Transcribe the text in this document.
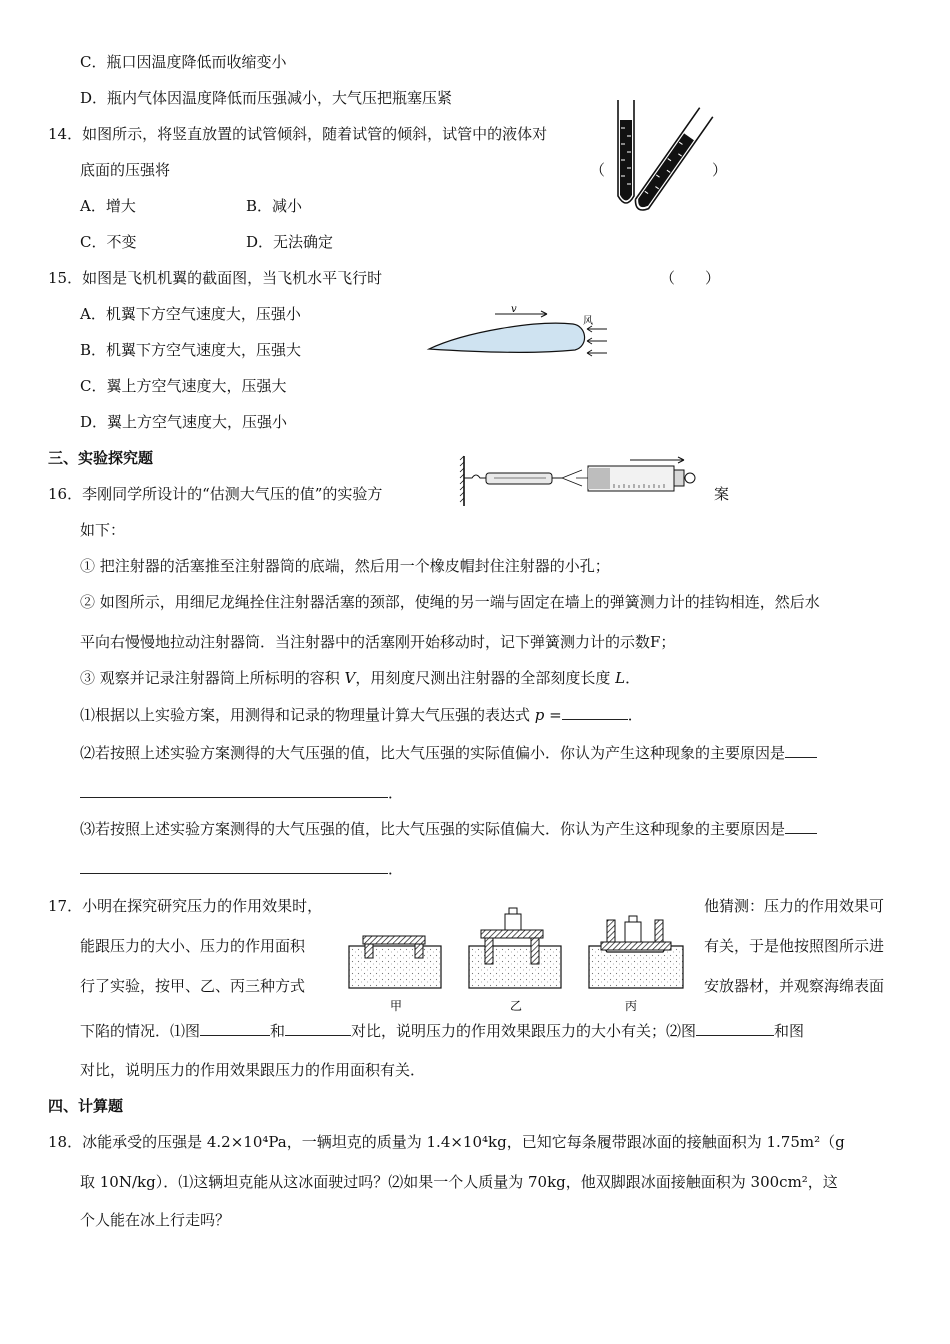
C．瓶口因温度降低而收缩变小
D．瓶内气体因温度降低而压强减小，大气压把瓶塞压紧
14．如图所示，将竖直放置的试管倾斜，随着试管的倾斜，试管中的液体对
底面的压强将	（	）
A．增大	B．减小
C．不变	D．无法确定
15．如图是飞机机翼的截面图，当飞机水平飞行时	（　　）
A．机翼下方空气速度大，压强小
B．机翼下方空气速度大，压强大
C．翼上方空气速度大，压强大
D．翼上方空气速度大，压强小
v
风
三、实验探究题
16．李刚同学所设计的“估测大气压的值”的实验方	案
如下：
① 把注射器的活塞推至注射器筒的底端，然后用一个橡皮帽封住注射器的小孔；
② 如图所示，用细尼龙绳拴住注射器活塞的颈部，使绳的另一端与固定在墙上的弹簧测力计的挂钩相连，然后水
平向右慢慢地拉动注射器筒．当注射器中的活塞刚开始移动时，记下弹簧测力计的示数F；
③ 观察并记录注射器筒上所标明的容积 V，用刻度尺测出注射器的全部刻度长度 L．
⑴根据以上实验方案，用测得和记录的物理量计算大气压强的表达式 p =	．
⑵若按照上述实验方案测得的大气压强的值，比大气压强的实际值偏小．你认为产生这种现象的主要原因是
．
⑶若按照上述实验方案测得的大气压强的值，比大气压强的实际值偏大．你认为产生这种现象的主要原因是
．
17．小明在探究研究压力的作用效果时，	他猜测：压力的作用效果可
能跟压力的大小、压力的作用面积	有关，于是他按照图所示进
行了实验，按甲、乙、丙三种方式	安放器材，并观察海绵表面
甲	乙	丙
下陷的情况．⑴图	和	对比，说明压力的作用效果跟压力的大小有关；⑵图	和图
对比，说明压力的作用效果跟压力的作用面积有关．
四、计算题
18．冰能承受的压强是 4.2×10⁴Pa，一辆坦克的质量为 1.4×10⁴kg，已知它每条履带跟冰面的接触面积为 1.75m²（g
取 10N/kg）．⑴这辆坦克能从这冰面驶过吗？⑵如果一个人质量为 70kg，他双脚跟冰面接触面积为 300cm²，这
个人能在冰上行走吗？
